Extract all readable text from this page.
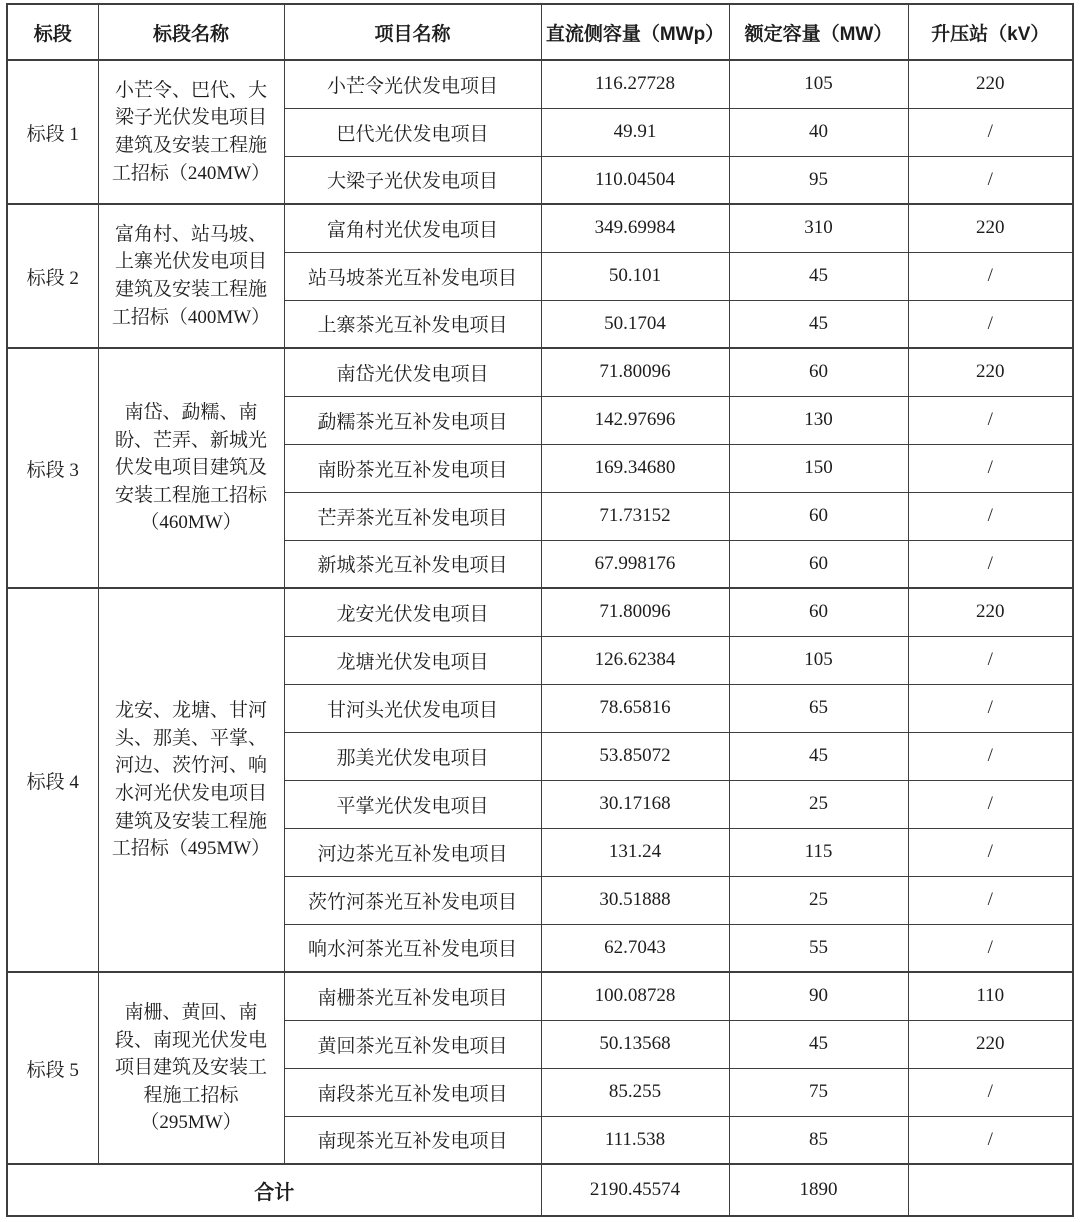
标段	标段名称	项目名称	直流侧容量（MWp）	额定容量（MW）	升压站（kV）
标段 1	小芒令、巴代、大梁子光伏发电项目建筑及安装工程施工招标（240MW）	小芒令光伏发电项目	116.27728	105	220
		巴代光伏发电项目	49.91	40	/
		大梁子光伏发电项目	110.04504	95	/
标段 2	富角村、站马坡、上寨光伏发电项目建筑及安装工程施工招标（400MW）	富角村光伏发电项目	349.69984	310	220
		站马坡茶光互补发电项目	50.101	45	/
		上寨茶光互补发电项目	50.1704	45	/
标段 3	南岱、勐糯、南盼、芒弄、新城光伏发电项目建筑及安装工程施工招标（460MW）	南岱光伏发电项目	71.80096	60	220
		勐糯茶光互补发电项目	142.97696	130	/
		南盼茶光互补发电项目	169.34680	150	/
		芒弄茶光互补发电项目	71.73152	60	/
		新城茶光互补发电项目	67.998176	60	/
标段 4	龙安、龙塘、甘河头、那美、平掌、河边、茨竹河、响水河光伏发电项目建筑及安装工程施工招标（495MW）	龙安光伏发电项目	71.80096	60	220
		龙塘光伏发电项目	126.62384	105	/
		甘河头光伏发电项目	78.65816	65	/
		那美光伏发电项目	53.85072	45	/
		平掌光伏发电项目	30.17168	25	/
		河边茶光互补发电项目	131.24	115	/
		茨竹河茶光互补发电项目	30.51888	25	/
		响水河茶光互补发电项目	62.7043	55	/
标段 5	南栅、黄回、南段、南现光伏发电项目建筑及安装工程施工招标（295MW）	南栅茶光互补发电项目	100.08728	90	110
		黄回茶光互补发电项目	50.13568	45	220
		南段茶光互补发电项目	85.255	75	/
		南现茶光互补发电项目	111.538	85	/
合计			2190.45574	1890	
